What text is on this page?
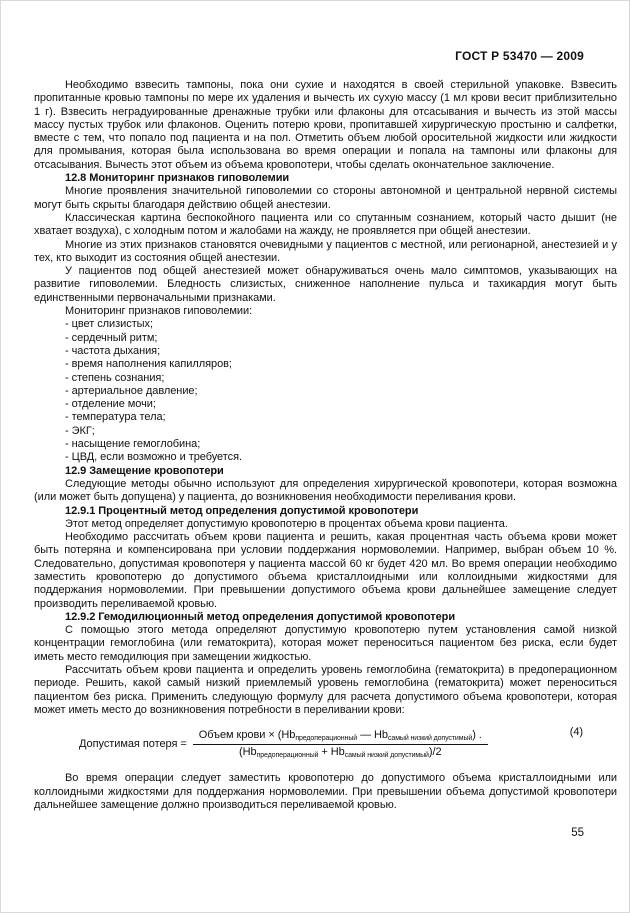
ГОСТ Р 53470 — 2009

Необходимо взвесить тампоны, пока они сухие и находятся в своей стерильной упаковке. Взвесить пропитанные кровью тампоны по мере их удаления и вычесть их сухую массу (1 мл крови весит приблизительно 1 г). Взвесить неградуированные дренажные трубки или флаконы для отсасывания и вычесть из этой массы массу пустых трубок или флаконов. Оценить потерю крови, пропитавшей хирургическую простыню и салфетки, вместе с тем, что попало под пациента и на пол. Отметить объем любой оросительной жидкости или жидкости для промывания, которая была использована во время операции и попала на тампоны или флаконы для отсасывания. Вычесть этот объем из объема кровопотери, чтобы сделать окончательное заключение.

12.8 Мониторинг признаков гиповолемии

Многие проявления значительной гиповолемии со стороны автономной и центральной нервной системы могут быть скрыты благодаря действию общей анестезии.

Классическая картина беспокойного пациента или со спутанным сознанием, который часто дышит (не хватает воздуха), с холодным потом и жалобами на жажду, не проявляется при общей анестезии.

Многие из этих признаков становятся очевидными у пациентов с местной, или регионарной, анестезией и у тех, кто выходит из состояния общей анестезии.

У пациентов под общей анестезией может обнаруживаться очень мало симптомов, указывающих на развитие гиповолемии. Бледность слизистых, сниженное наполнение пульса и тахикардия могут быть единственными первоначальными признаками.

Мониторинг признаков гиповолемии:

- цвет слизистых;

- сердечный ритм;

- частота дыхания;

- время наполнения капилляров;

- степень сознания;

- артериальное давление;

- отделение мочи;

- температура тела;

- ЭКГ;

- насыщение гемоглобина;

- ЦВД, если возможно и требуется.

12.9 Замещение кровопотери

Следующие методы обычно используют для определения хирургической кровопотери, которая возможна (или может быть допущена) у пациента, до возникновения необходимости переливания крови.

12.9.1 Процентный метод определения допустимой кровопотери

Этот метод определяет допустимую кровопотерю в процентах объема крови пациента.

Необходимо рассчитать объем крови пациента и решить, какая процентная часть объема крови может быть потеряна и компенсирована при условии поддержания нормоволемии. Например, выбран объем 10 %. Следовательно, допустимая кровопотеря у пациента массой 60 кг будет 420 мл. Во время операции необходимо заместить кровопотерю до допустимого объема кристаллоидными или коллоидными жидкостями для поддержания нормоволемии. При превышении допустимого объема крови дальнейшее замещение следует производить переливаемой кровью.

12.9.2 Гемодилюционный метод определения допустимой кровопотери

С помощью этого метода определяют допустимую кровопотерю путем установления самой низкой концентрации гемоглобина (или гематокрита), которая может переноситься пациентом без риска, если будет иметь место гемодилюция при замещении жидкостью.

Рассчитать объем крови пациента и определить уровень гемоглобина (гематокрита) в предоперационном периоде. Решить, какой самый низкий приемлемый уровень гемоглобина (гематокрита) может переноситься пациентом без риска. Применить следующую формулу для расчета допустимого объема кровопотери, которая может иметь место до возникновения потребности в переливании крови:

Допустимая потеря =
Объем крови × ($Hb_{предоперационный}$ — $Hb_{самый низкий допустимый}$) .
$(Hb_{предоперационный} + Hb_{самый низкий допустимый})/2$
(4)

Во время операции следует заместить кровопотерю до допустимого объема кристаллоидными или коллоидными жидкостями для поддержания нормоволемии. При превышении объема допустимой кровопотери дальнейшее замещение должно производиться переливаемой кровью.

55
